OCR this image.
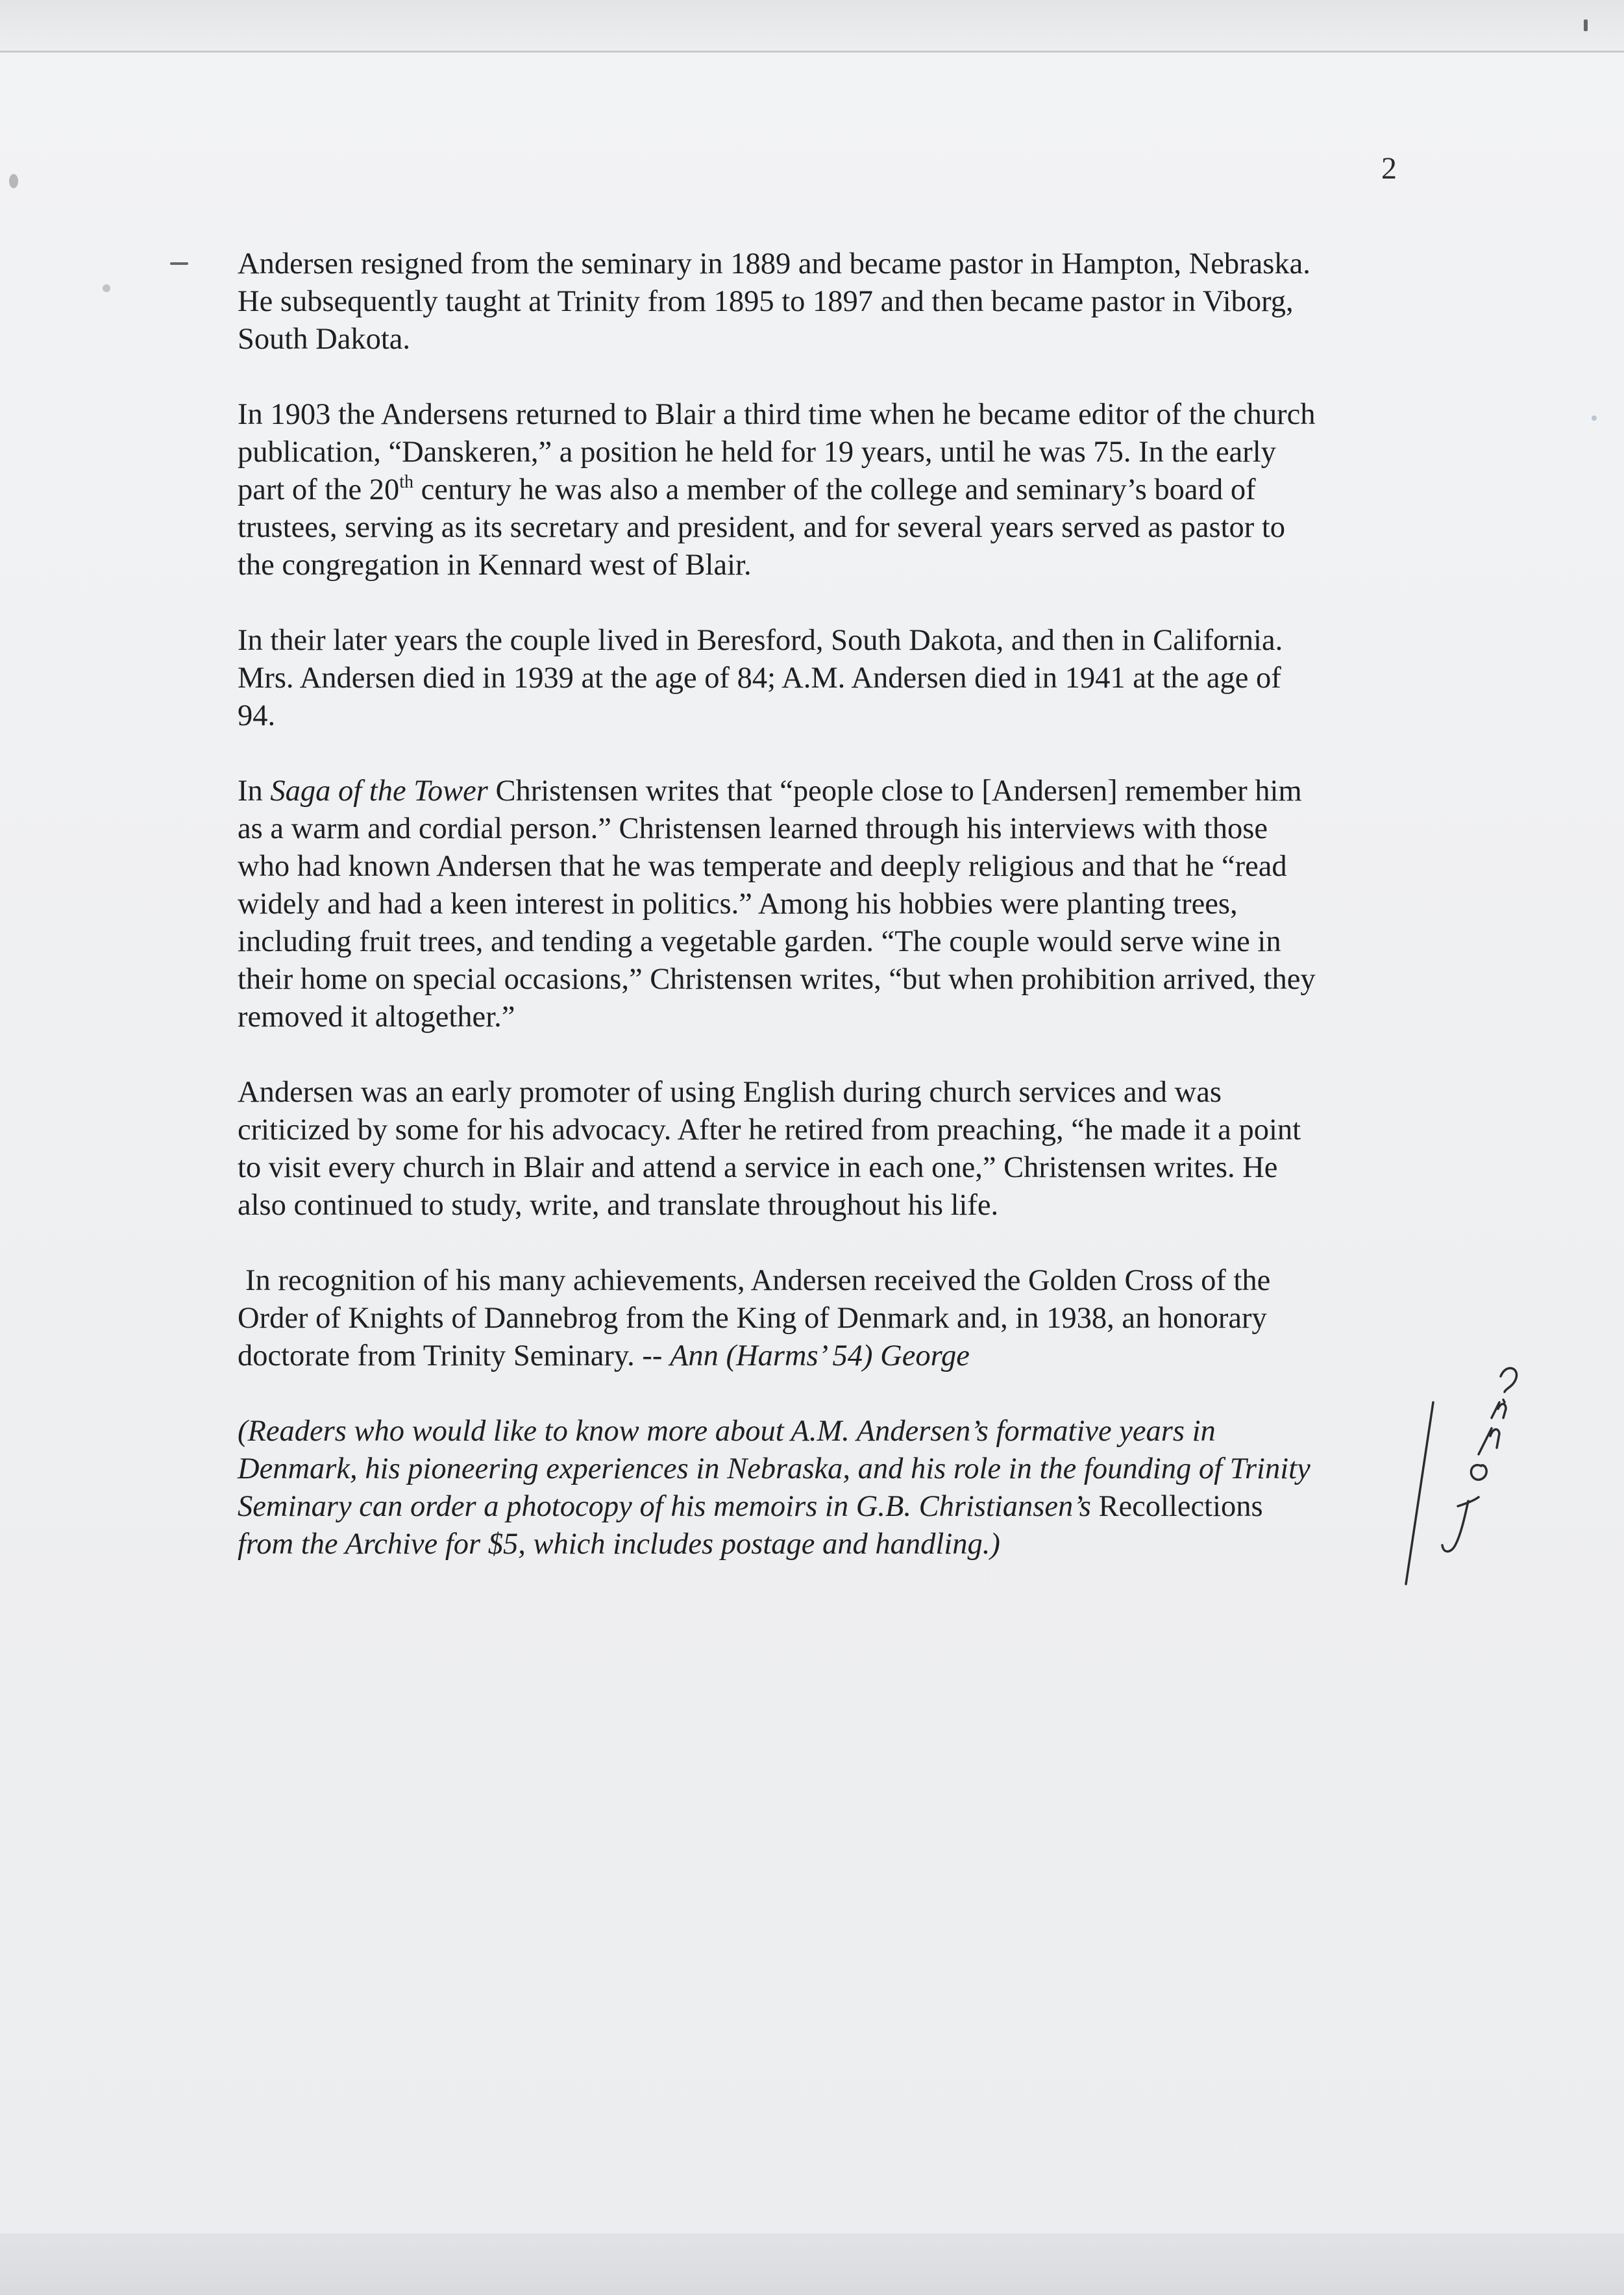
2

Andersen resigned from the seminary in 1889 and became pastor in Hampton, Nebraska.
He subsequently taught at Trinity from 1895 to 1897 and then became pastor in Viborg,
South Dakota.

In 1903 the Andersens returned to Blair a third time when he became editor of the church
publication, “Danskeren,” a position he held for 19 years, until he was 75. In the early
part of the 20th century he was also a member of the college and seminary’s board of
trustees, serving as its secretary and president, and for several years served as pastor to
the congregation in Kennard west of Blair.

In their later years the couple lived in Beresford, South Dakota, and then in California.
Mrs. Andersen died in 1939 at the age of 84; A.M. Andersen died in 1941 at the age of
94.

In Saga of the Tower Christensen writes that “people close to [Andersen] remember him
as a warm and cordial person.” Christensen learned through his interviews with those
who had known Andersen that he was temperate and deeply religious and that he “read
widely and had a keen interest in politics.” Among his hobbies were planting trees,
including fruit trees, and tending a vegetable garden. “The couple would serve wine in
their home on special occasions,” Christensen writes, “but when prohibition arrived, they
removed it altogether.”

Andersen was an early promoter of using English during church services and was
criticized by some for his advocacy. After he retired from preaching, “he made it a point
to visit every church in Blair and attend a service in each one,” Christensen writes. He
also continued to study, write, and translate throughout his life.

In recognition of his many achievements, Andersen received the Golden Cross of the
Order of Knights of Dannebrog from the King of Denmark and, in 1938, an honorary
doctorate from Trinity Seminary. -- Ann (Harms’ 54) George

(Readers who would like to know more about A.M. Andersen’s formative years in
Denmark, his pioneering experiences in Nebraska, and his role in the founding of Trinity
Seminary can order a photocopy of his memoirs in G.B. Christiansen’s Recollections
from the Archive for $5, which includes postage and handling.)
